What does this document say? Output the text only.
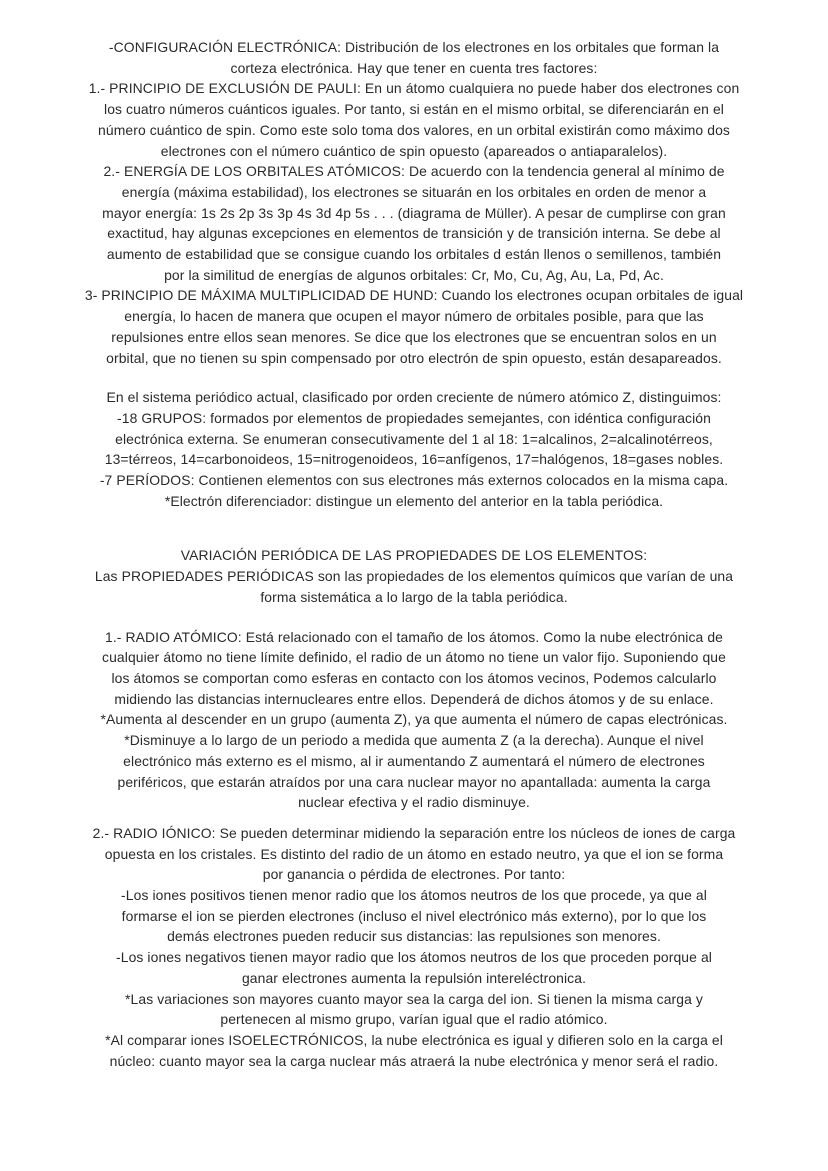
-CONFIGURACIÓN ELECTRÓNICA: Distribución de los electrones en los orbitales que forman la
corteza electrónica. Hay que tener en cuenta tres factores:
1.- PRINCIPIO DE EXCLUSIÓN DE PAULI: En un átomo cualquiera no puede haber dos electrones con
los cuatro números cuánticos iguales. Por tanto, si están en el mismo orbital, se diferenciarán en el
número cuántico de spin. Como este solo toma dos valores, en un orbital existirán como máximo dos
electrones con el número cuántico de spin opuesto (apareados o antiaparalelos).
2.- ENERGÍA DE LOS ORBITALES ATÓMICOS: De acuerdo con la tendencia general al mínimo de
energía (máxima estabilidad), los electrones se situarán en los orbitales en orden de menor a
mayor energía: 1s 2s 2p 3s 3p 4s 3d 4p 5s . . . (diagrama de Müller). A pesar de cumplirse con gran
exactitud, hay algunas excepciones en elementos de transición y de transición interna. Se debe al
aumento de estabilidad que se consigue cuando los orbitales d están llenos o semillenos, también
por la similitud de energías de algunos orbitales: Cr, Mo, Cu, Ag, Au, La, Pd, Ac.
3- PRINCIPIO DE MÁXIMA MULTIPLICIDAD DE HUND: Cuando los electrones ocupan orbitales de igual
energía, lo hacen de manera que ocupen el mayor número de orbitales posible, para que las
repulsiones entre ellos sean menores. Se dice que los electrones que se encuentran solos en un
orbital, que no tienen su spin compensado por otro electrón de spin opuesto, están desapareados.
En el sistema periódico actual, clasificado por orden creciente de número atómico Z, distinguimos:
-18 GRUPOS: formados por elementos de propiedades semejantes, con idéntica configuración
electrónica externa. Se enumeran consecutivamente del 1 al 18: 1=alcalinos, 2=alcalinotérreos,
13=térreos, 14=carbonoideos, 15=nitrogenoideos, 16=anfígenos, 17=halógenos, 18=gases nobles.
-7 PERÍODOS: Contienen elementos con sus electrones más externos colocados en la misma capa.
*Electrón diferenciador: distingue un elemento del anterior en la tabla periódica.
VARIACIÓN PERIÓDICA DE LAS PROPIEDADES DE LOS ELEMENTOS:
Las PROPIEDADES PERIÓDICAS son las propiedades de los elementos químicos que varían de una
forma sistemática a lo largo de la tabla periódica.
1.- RADIO ATÓMICO: Está relacionado con el tamaño de los átomos. Como la nube electrónica de
cualquier átomo no tiene límite definido, el radio de un átomo no tiene un valor fijo. Suponiendo que
los átomos se comportan como esferas en contacto con los átomos vecinos, Podemos calcularlo
midiendo las distancias internucleares entre ellos. Dependerá de dichos átomos y de su enlace.
*Aumenta al descender en un grupo (aumenta Z), ya que aumenta el número de capas electrónicas.
*Disminuye a lo largo de un periodo a medida que aumenta Z (a la derecha). Aunque el nivel
electrónico más externo es el mismo, al ir aumentando Z aumentará el número de electrones
periféricos, que estarán atraídos por una cara nuclear mayor no apantallada: aumenta la carga
nuclear efectiva y el radio disminuye.
2.- RADIO IÓNICO: Se pueden determinar midiendo la separación entre los núcleos de iones de carga
opuesta en los cristales. Es distinto del radio de un átomo en estado neutro, ya que el ion se forma
por ganancia o pérdida de electrones. Por tanto:
-Los iones positivos tienen menor radio que los átomos neutros de los que procede, ya que al
formarse el ion se pierden electrones (incluso el nivel electrónico más externo), por lo que los
demás electrones pueden reducir sus distancias: las repulsiones son menores.
-Los iones negativos tienen mayor radio que los átomos neutros de los que proceden porque al
ganar electrones aumenta la repulsión intereléctronica.
*Las variaciones son mayores cuanto mayor sea la carga del ion. Si tienen la misma carga y
pertenecen al mismo grupo, varían igual que el radio atómico.
*Al comparar iones ISOELECTRÓNICOS, la nube electrónica es igual y difieren solo en la carga el
núcleo: cuanto mayor sea la carga nuclear más atraerá la nube electrónica y menor será el radio.
